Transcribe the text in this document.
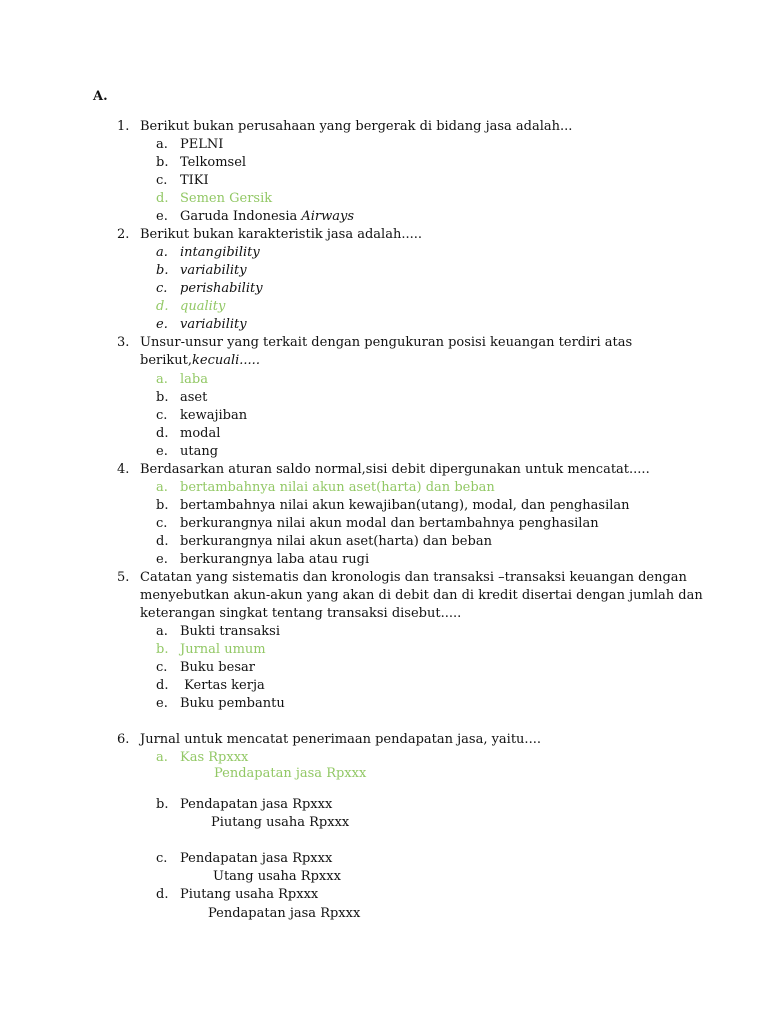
A.
1. Berikut bukan perusahaan yang bergerak di bidang jasa adalah...
a. PELNI
b. Telkomsel
c. TIKI
d. Semen Gersik
e. Garuda Indonesia Airways
2. Berikut bukan karakteristik jasa adalah.....
a. intangibility
b. variability
c. perishability
d. quality
e. variability
3. Unsur-unsur yang terkait dengan pengukuran posisi keuangan terdiri atas
berikut,kecuali.....
a. laba
b. aset
c. kewajiban
d. modal
e. utang
4. Berdasarkan aturan saldo normal,sisi debit dipergunakan untuk mencatat.....
a. bertambahnya nilai akun aset(harta) dan beban
b. bertambahnya nilai akun kewajiban(utang), modal, dan penghasilan
c. berkurangnya nilai akun modal dan bertambahnya penghasilan
d. berkurangnya nilai akun aset(harta) dan beban
e. berkurangnya laba atau rugi
5. Catatan yang sistematis dan kronologis dan transaksi –transaksi keuangan dengan
menyebutkan akun-akun yang akan di debit dan di kredit disertai dengan jumlah dan
keterangan singkat tentang transaksi disebut.....
a. Bukti transaksi
b. Jurnal umum
c. Buku besar
d. Kertas kerja
e. Buku pembantu
6. Jurnal untuk mencatat penerimaan pendapatan jasa, yaitu....
a. Kas Rpxxx
Pendapatan jasa Rpxxx
b. Pendapatan jasa Rpxxx
Piutang usaha Rpxxx
c. Pendapatan jasa Rpxxx
Utang usaha Rpxxx
d. Piutang usaha Rpxxx
Pendapatan jasa Rpxxx
